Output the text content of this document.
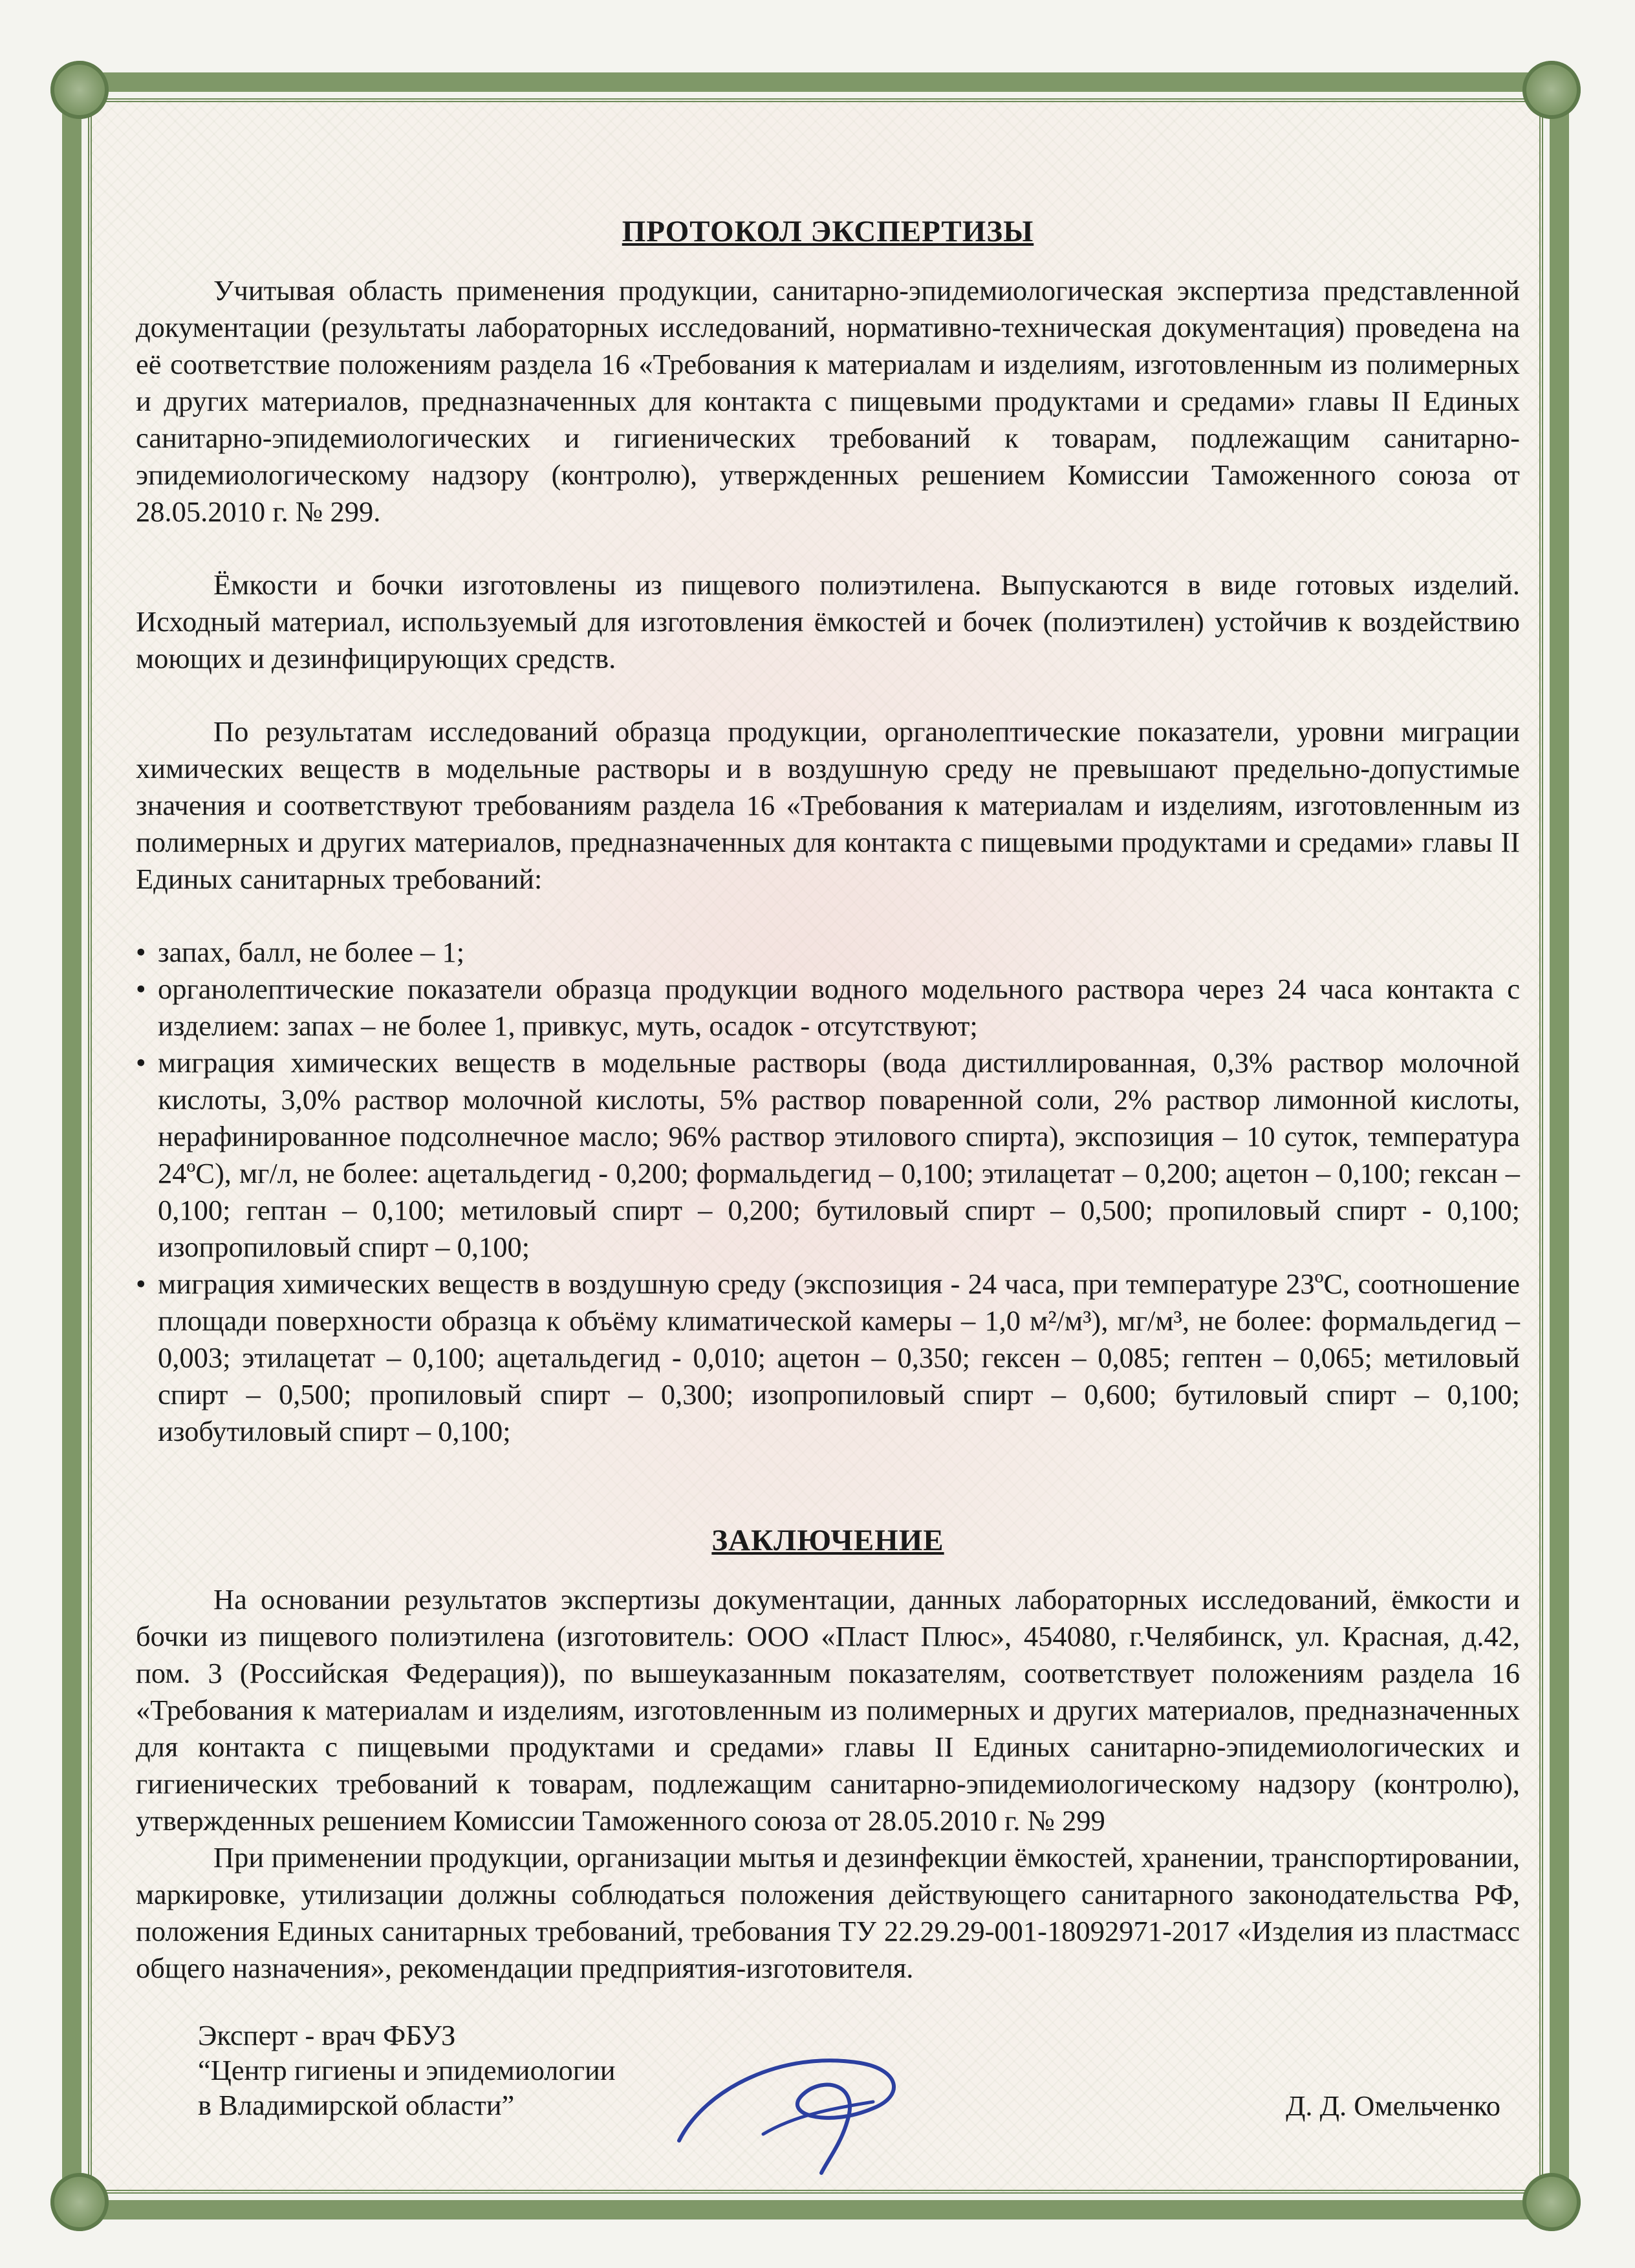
ПРОТОКОЛ ЭКСПЕРТИЗЫ

Учитывая область применения продукции, санитарно-эпидемиологическая экспертиза представленной документации (результаты лабораторных исследований, нормативно-техническая документация) проведена на её соответствие положениям раздела 16 «Требования к материалам и изделиям, изготовленным из полимерных и других материалов, предназначенных для контакта с пищевыми продуктами и средами» главы II Единых санитарно-эпидемиологических и гигиенических требований к товарам, подлежащим санитарно-эпидемиологическому надзору (контролю), утвержденных решением Комиссии Таможенного союза от 28.05.2010 г. № 299.

Ёмкости и бочки изготовлены из пищевого полиэтилена. Выпускаются в виде готовых изделий. Исходный материал, используемый для изготовления ёмкостей и бочек (полиэтилен) устойчив к воздействию моющих и дезинфицирующих средств.

По результатам исследований образца продукции, органолептические показатели, уровни миграции химических веществ в модельные растворы и в воздушную среду не превышают предельно-допустимые значения и соответствуют требованиям раздела 16 «Требования к материалам и изделиям, изготовленным из полимерных и других материалов, предназначенных для контакта с пищевыми продуктами и средами» главы II Единых санитарных требований:

• запах, балл, не более – 1;
• органолептические показатели образца продукции водного модельного раствора через 24 часа контакта с изделием: запах – не более 1, привкус, муть, осадок - отсутствуют;
• миграция химических веществ в модельные растворы (вода дистиллированная, 0,3% раствор молочной кислоты, 3,0% раствор молочной кислоты, 5% раствор поваренной соли, 2% раствор лимонной кислоты, нерафинированное подсолнечное масло; 96% раствор этилового спирта), экспозиция – 10 суток, температура 24ºС), мг/л, не более: ацетальдегид - 0,200; формальдегид – 0,100; этилацетат – 0,200; ацетон – 0,100; гексан – 0,100; гептан – 0,100; метиловый спирт – 0,200; бутиловый спирт – 0,500; пропиловый спирт - 0,100; изопропиловый спирт – 0,100;
• миграция химических веществ в воздушную среду (экспозиция - 24 часа, при температуре 23ºС, соотношение площади поверхности образца к объёму климатической камеры – 1,0 м²/м³), мг/м³, не более: формальдегид – 0,003; этилацетат – 0,100; ацетальдегид - 0,010; ацетон – 0,350; гексен – 0,085; гептен – 0,065; метиловый спирт – 0,500; пропиловый спирт – 0,300; изопропиловый спирт – 0,600; бутиловый спирт – 0,100; изобутиловый спирт – 0,100;
ЗАКЛЮЧЕНИЕ

На основании результатов экспертизы документации, данных лабораторных исследований, ёмкости и бочки из пищевого полиэтилена (изготовитель: ООО «Пласт Плюс», 454080, г.Челябинск, ул. Красная, д.42, пом. 3 (Российская Федерация)), по вышеуказанным показателям, соответствует положениям раздела 16 «Требования к материалам и изделиям, изготовленным из полимерных и других материалов, предназначенных для контакта с пищевыми продуктами и средами» главы II Единых санитарно-эпидемиологических и гигиенических требований к товарам, подлежащим санитарно-эпидемиологическому надзору (контролю), утвержденных решением Комиссии Таможенного союза от 28.05.2010 г. № 299

При применении продукции, организации мытья и дезинфекции ёмкостей, хранении, транспортировании, маркировке, утилизации должны соблюдаться положения действующего санитарного законодательства РФ, положения Единых санитарных требований, требования ТУ 22.29.29-001-18092971-2017 «Изделия из пластмасс общего назначения», рекомендации предприятия-изготовителя.

Эксперт - врач ФБУЗ
“Центр гигиены и эпидемиологии
в Владимирской области”	Д. Д. Омельченко
